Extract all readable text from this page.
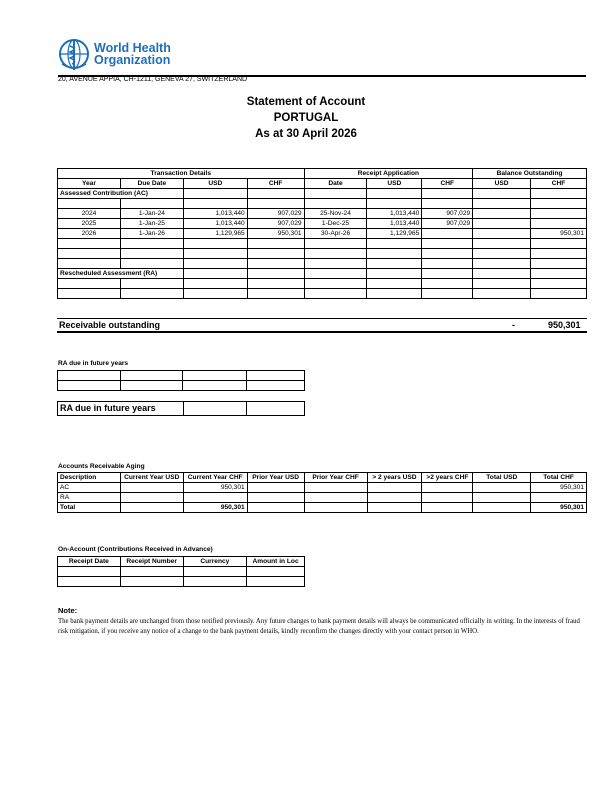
World Health
Organization
20, AVENUE APPIA, CH-1211, GENEVA 27, SWITZERLAND
Statement of Account
PORTUGAL
As at 30 April 2026
Transaction Details				Receipt Application			Balance Outstanding	
Year	Due Date	USD	CHF	Date	USD	CHF	USD	CHF
Assessed Contribution (AC)								

2024	1-Jan-24	1,013,440	907,029	25-Nov-24	1,013,440	907,029		
2025	1-Jan-25	1,013,440	907,029	1-Dec-25	1,013,440	907,029		
2026	1-Jan-26	1,129,965	950,301	30-Apr-26	1,129,965			950,301

Rescheduled Assessment (RA)								

Receivable outstanding	-	950,301
RA due in future years

RA due in future years		
Accounts Receivable Aging
Description	Current Year USD	Current Year CHF	Prior Year USD	Prior Year CHF	> 2 years USD	>2 years CHF	Total USD	Total CHF
AC		950,301						950,301
RA								
Total		950,301						950,301
On-Account (Contributions Received in Advance)
Receipt Date	Receipt Number	Currency	Amount in Loc

Note:
The bank payment details are unchanged from those notified previously. Any future changes to bank payment details will always be communicated officially in writing. In the interests of fraud risk mitigation, if you receive any notice of a change to the bank payment details, kindly reconfirm the changes directly with your contact person in WHO.
